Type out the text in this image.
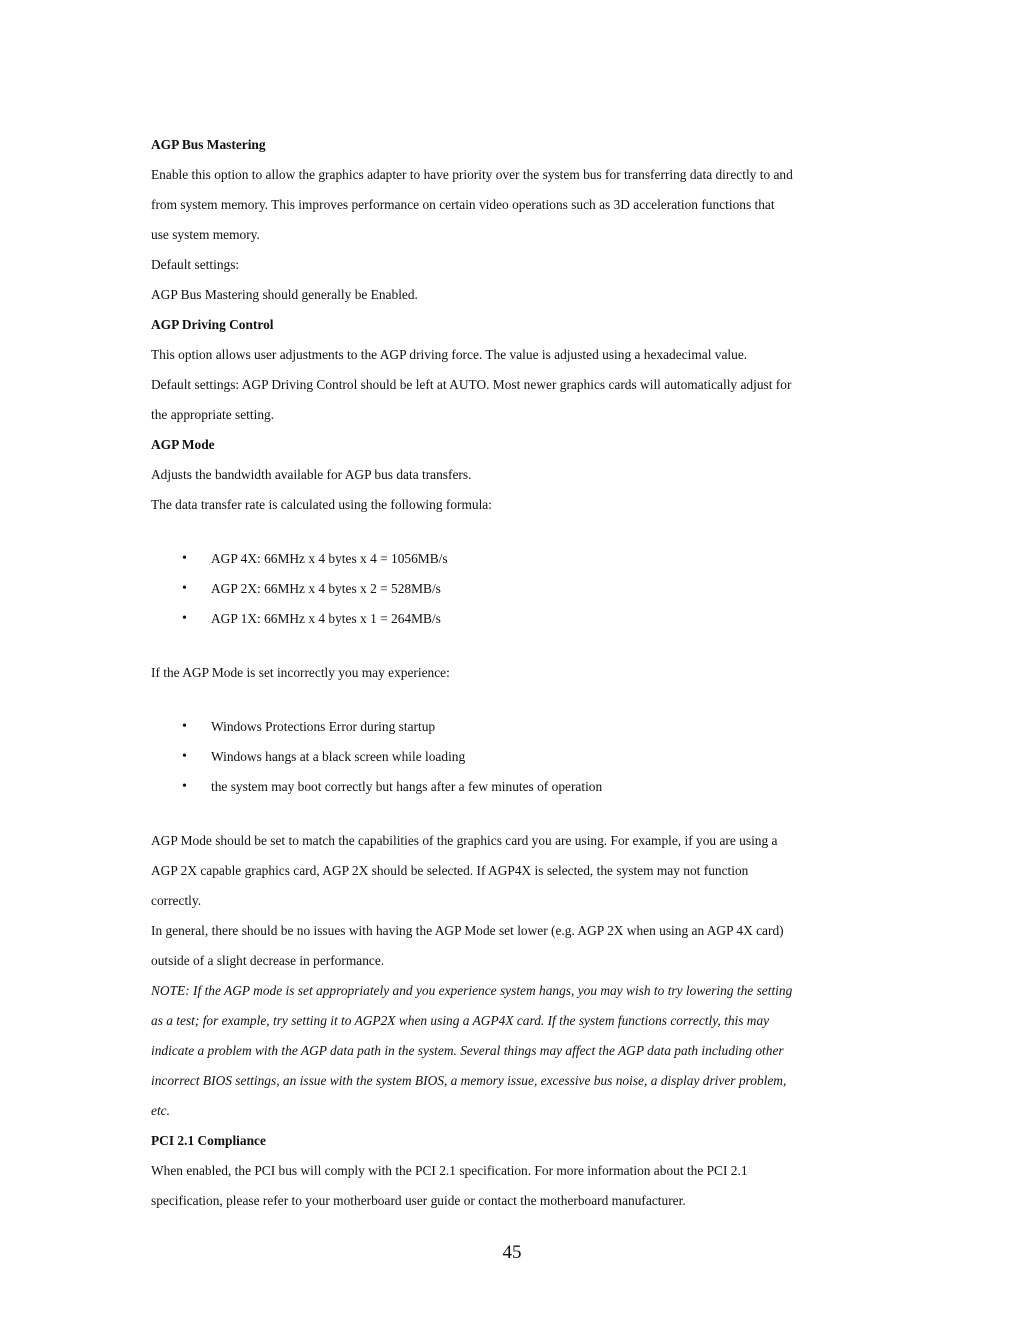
AGP Bus Mastering
Enable this option to allow the graphics adapter to have priority over the system bus for transferring data directly to and
from system memory. This improves performance on certain video operations such as 3D acceleration functions that
use system memory.
Default settings:
AGP Bus Mastering should generally be Enabled.
AGP Driving Control
This option allows user adjustments to the AGP driving force. The value is adjusted using a hexadecimal value.
Default settings: AGP Driving Control should be left at AUTO. Most newer graphics cards will automatically adjust for
the appropriate setting.
AGP Mode
Adjusts the bandwidth available for AGP bus data transfers.
The data transfer rate is calculated using the following formula:
• AGP 4X: 66MHz x 4 bytes x 4 = 1056MB/s
• AGP 2X: 66MHz x 4 bytes x 2 = 528MB/s
• AGP 1X: 66MHz x 4 bytes x 1 = 264MB/s
If the AGP Mode is set incorrectly you may experience:
• Windows Protections Error during startup
• Windows hangs at a black screen while loading
• the system may boot correctly but hangs after a few minutes of operation
AGP Mode should be set to match the capabilities of the graphics card you are using. For example, if you are using a
AGP 2X capable graphics card, AGP 2X should be selected. If AGP4X is selected, the system may not function
correctly.
In general, there should be no issues with having the AGP Mode set lower (e.g. AGP 2X when using an AGP 4X card)
outside of a slight decrease in performance.
NOTE: If the AGP mode is set appropriately and you experience system hangs, you may wish to try lowering the setting
as a test; for example, try setting it to AGP2X when using a AGP4X card. If the system functions correctly, this may
indicate a problem with the AGP data path in the system. Several things may affect the AGP data path including other
incorrect BIOS settings, an issue with the system BIOS, a memory issue, excessive bus noise, a display driver problem,
etc.
PCI 2.1 Compliance
When enabled, the PCI bus will comply with the PCI 2.1 specification. For more information about the PCI 2.1
specification, please refer to your motherboard user guide or contact the motherboard manufacturer.
45
